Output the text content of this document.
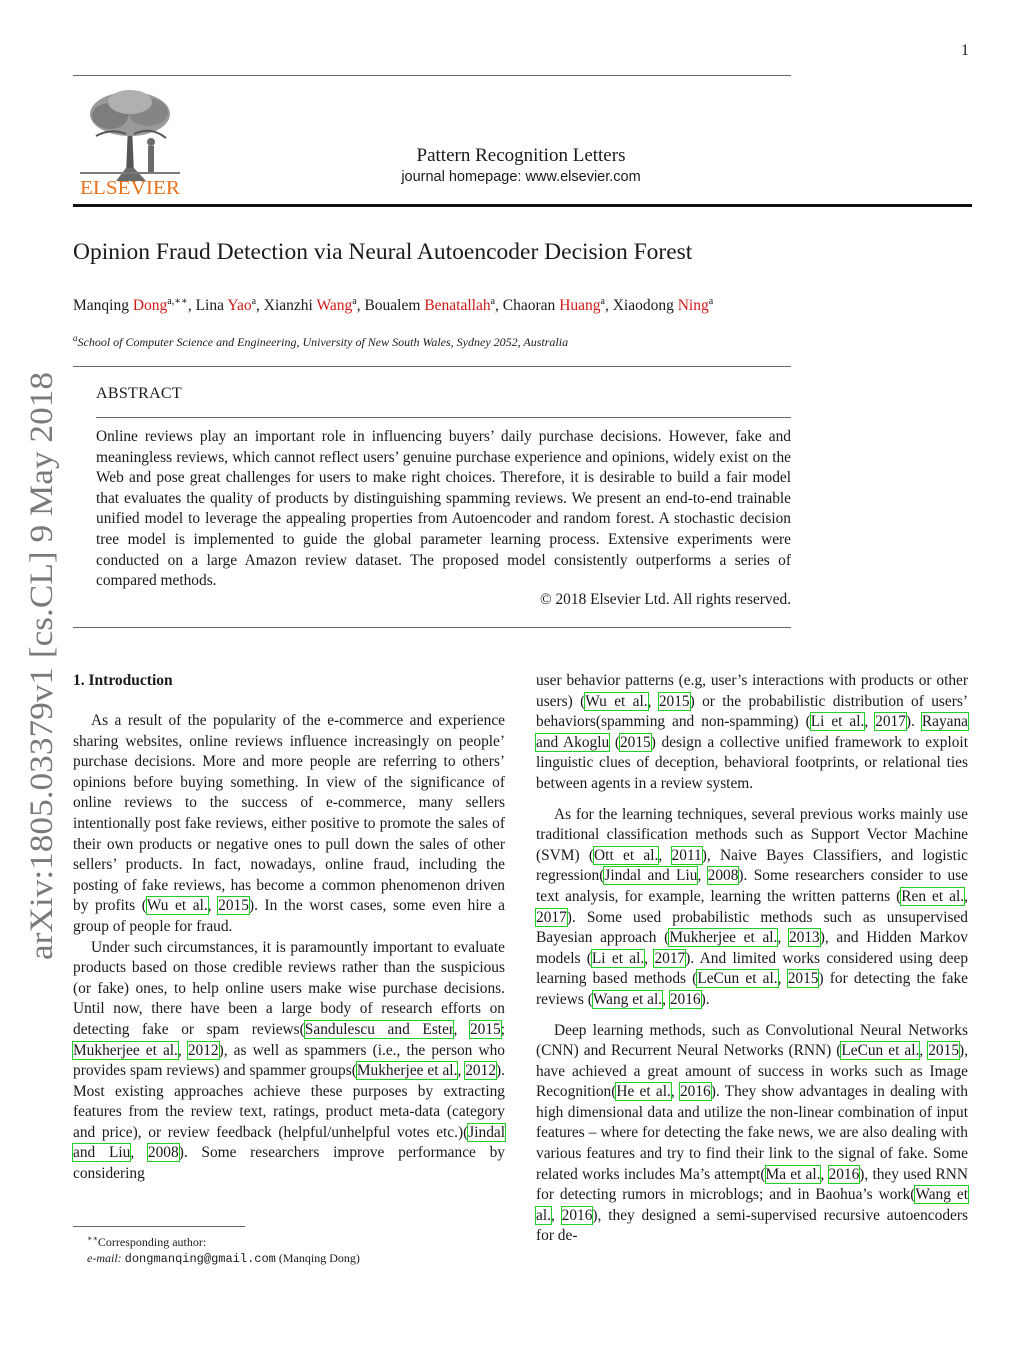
1
arXiv:1805.03379v1 [cs.CL] 9 May 2018
ELSEVIER
Pattern Recognition Letters
journal homepage: www.elsevier.com
Opinion Fraud Detection via Neural Autoencoder Decision Forest
Manqing Dong$^{a,∗∗}$, Lina Yao$^a$, Xianzhi Wang$^a$, Boualem Benatallah$^a$, Chaoran Huang$^a$, Xiaodong Ning$^a$
$^a$School of Computer Science and Engineering, University of New South Wales, Sydney 2052, Australia
ABSTRACT
Online reviews play an important role in influencing buyers’ daily purchase decisions. However, fake and meaningless reviews, which cannot reflect users’ genuine purchase experience and opinions, widely exist on the Web and pose great challenges for users to make right choices. Therefore, it is desirable to build a fair model that evaluates the quality of products by distinguishing spamming reviews. We present an end-to-end trainable unified model to leverage the appealing properties from Autoencoder and random forest. A stochastic decision tree model is implemented to guide the global parameter learning process. Extensive experiments were conducted on a large Amazon review dataset. The proposed model consistently outperforms a series of compared methods.
© 2018 Elsevier Ltd. All rights reserved.
1. Introduction

As a result of the popularity of the e-commerce and experience sharing websites, online reviews influence increasingly on people’ purchase decisions. More and more people are referring to others’ opinions before buying something. In view of the significance of online reviews to the success of e-commerce, many sellers intentionally post fake reviews, either positive to promote the sales of their own products or negative ones to pull down the sales of other sellers’ products. In fact, nowadays, online fraud, including the posting of fake reviews, has become a common phenomenon driven by profits (Wu et al., 2015). In the worst cases, some even hire a group of people for fraud.

Under such circumstances, it is paramountly important to evaluate products based on those credible reviews rather than the suspicious (or fake) ones, to help online users make wise purchase decisions. Until now, there have been a large body of research efforts on detecting fake or spam reviews(Sandulescu and Ester, 2015; Mukherjee et al., 2012), as well as spammers (i.e., the person who provides spam reviews) and spammer groups(Mukherjee et al., 2012). Most existing approaches achieve these purposes by extracting features from the review text, ratings, product meta-data (category and price), or review feedback (helpful/unhelpful votes etc.)(Jindal and Liu, 2008). Some researchers improve performance by considering

∗∗Corresponding author:
e-mail: dongmanqing@gmail.com (Manqing Dong)

user behavior patterns (e.g, user’s interactions with products or other users) (Wu et al., 2015) or the probabilistic distribution of users’ behaviors(spamming and non-spamming) (Li et al., 2017). Rayana and Akoglu (2015) design a collective unified framework to exploit linguistic clues of deception, behavioral footprints, or relational ties between agents in a review system.

As for the learning techniques, several previous works mainly use traditional classification methods such as Support Vector Machine (SVM) (Ott et al., 2011), Naive Bayes Classifiers, and logistic regression(Jindal and Liu, 2008). Some researchers consider to use text analysis, for example, learning the written patterns (Ren et al., 2017). Some used probabilistic methods such as unsupervised Bayesian approach (Mukherjee et al., 2013), and Hidden Markov models (Li et al., 2017). And limited works considered using deep learning based methods (LeCun et al., 2015) for detecting the fake reviews (Wang et al., 2016).

Deep learning methods, such as Convolutional Neural Networks (CNN) and Recurrent Neural Networks (RNN) (LeCun et al., 2015), have achieved a great amount of success in works such as Image Recognition(He et al., 2016). They show advantages in dealing with high dimensional data and utilize the non-linear combination of input features – where for detecting the fake news, we are also dealing with various features and try to find their link to the signal of fake. Some related works includes Ma’s attempt(Ma et al., 2016), they used RNN for detecting rumors in microblogs; and in Baohua’s work(Wang et al., 2016), they designed a semi-supervised recursive autoencoders for de-
